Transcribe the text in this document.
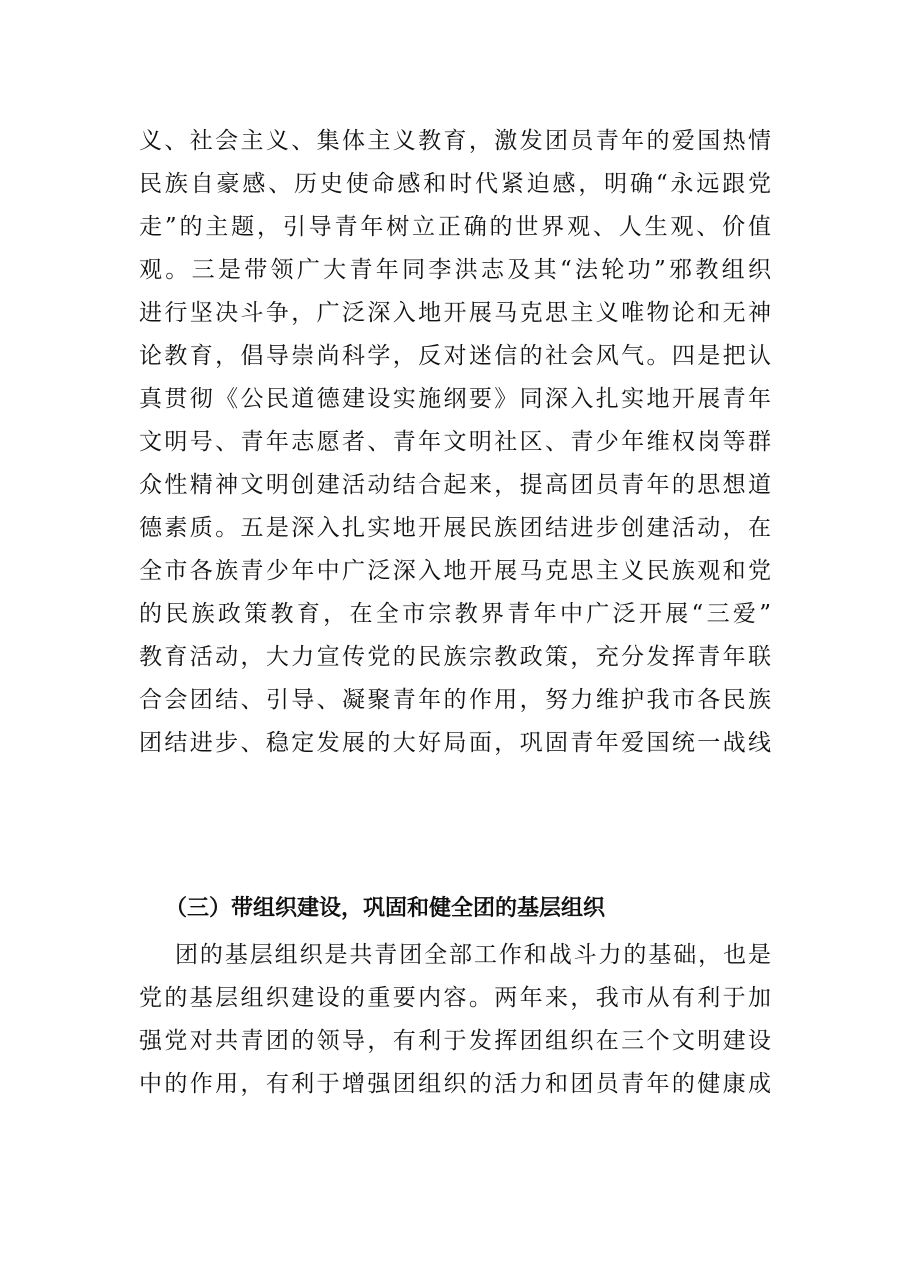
义、社会主义、集体主义教育，激发团员青年的爱国热情
民族自豪感、历史使命感和时代紧迫感，明确“永远跟党
走”的主题，引导青年树立正确的世界观、人生观、价值
观。三是带领广大青年同李洪志及其“法轮功”邪教组织
进行坚决斗争，广泛深入地开展马克思主义唯物论和无神
论教育，倡导崇尚科学，反对迷信的社会风气。四是把认
真贯彻《公民道德建设实施纲要》同深入扎实地开展青年
文明号、青年志愿者、青年文明社区、青少年维权岗等群
众性精神文明创建活动结合起来，提高团员青年的思想道
德素质。五是深入扎实地开展民族团结进步创建活动，在
全市各族青少年中广泛深入地开展马克思主义民族观和党
的民族政策教育，在全市宗教界青年中广泛开展“三爱”
教育活动，大力宣传党的民族宗教政策，充分发挥青年联
合会团结、引导、凝聚青年的作用，努力维护我市各民族
团结进步、稳定发展的大好局面，巩固青年爱国统一战线
（三）带组织建设，巩固和健全团的基层组织
团的基层组织是共青团全部工作和战斗力的基础，也是
党的基层组织建设的重要内容。两年来，我市从有利于加
强党对共青团的领导，有利于发挥团组织在三个文明建设
中的作用，有利于增强团组织的活力和团员青年的健康成
